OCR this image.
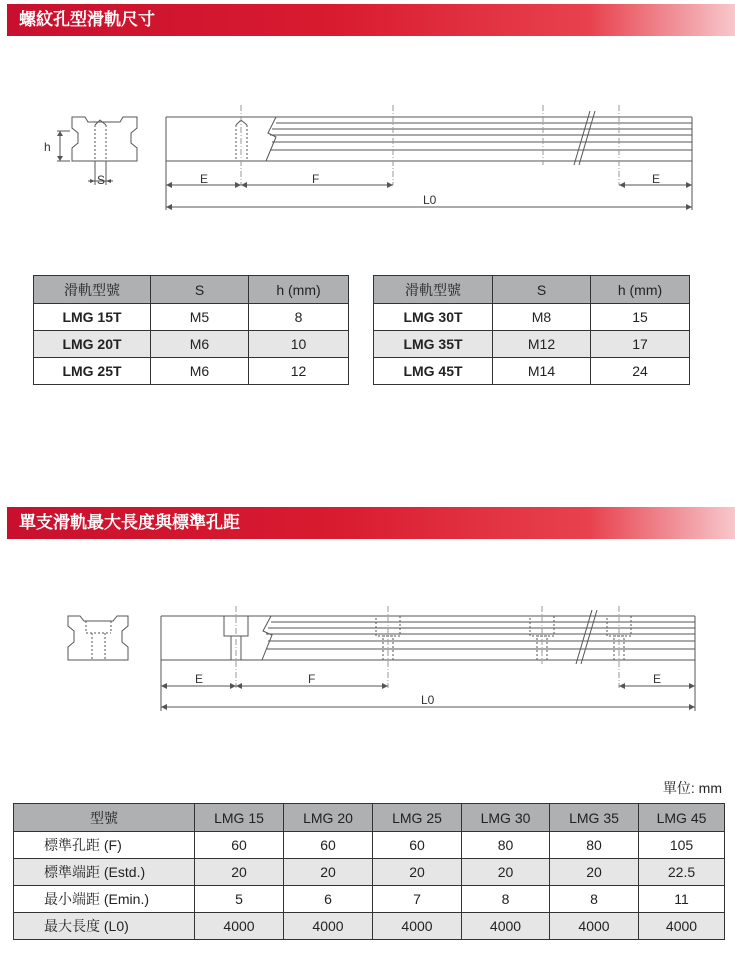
螺紋孔型滑軌尺寸
h
S	E	F	E
L0
滑軌型號	S	h (mm)
LMG 15T	M5	8
LMG 20T	M6	10
LMG 25T	M6	12
滑軌型號	S	h (mm)
LMG 30T	M8	15
LMG 35T	M12	17
LMG 45T	M14	24
單支滑軌最大長度與標準孔距
E	F	E
L0
單位: mm
型號	LMG 15	LMG 20	LMG 25	LMG 30	LMG 35	LMG 45
標準孔距 (F)	60	60	60	80	80	105
標準端距 (Estd.)	20	20	20	20	20	22.5
最小端距 (Emin.)	5	6	7	8	8	11
最大長度 (L0)	4000	4000	4000	4000	4000	4000
